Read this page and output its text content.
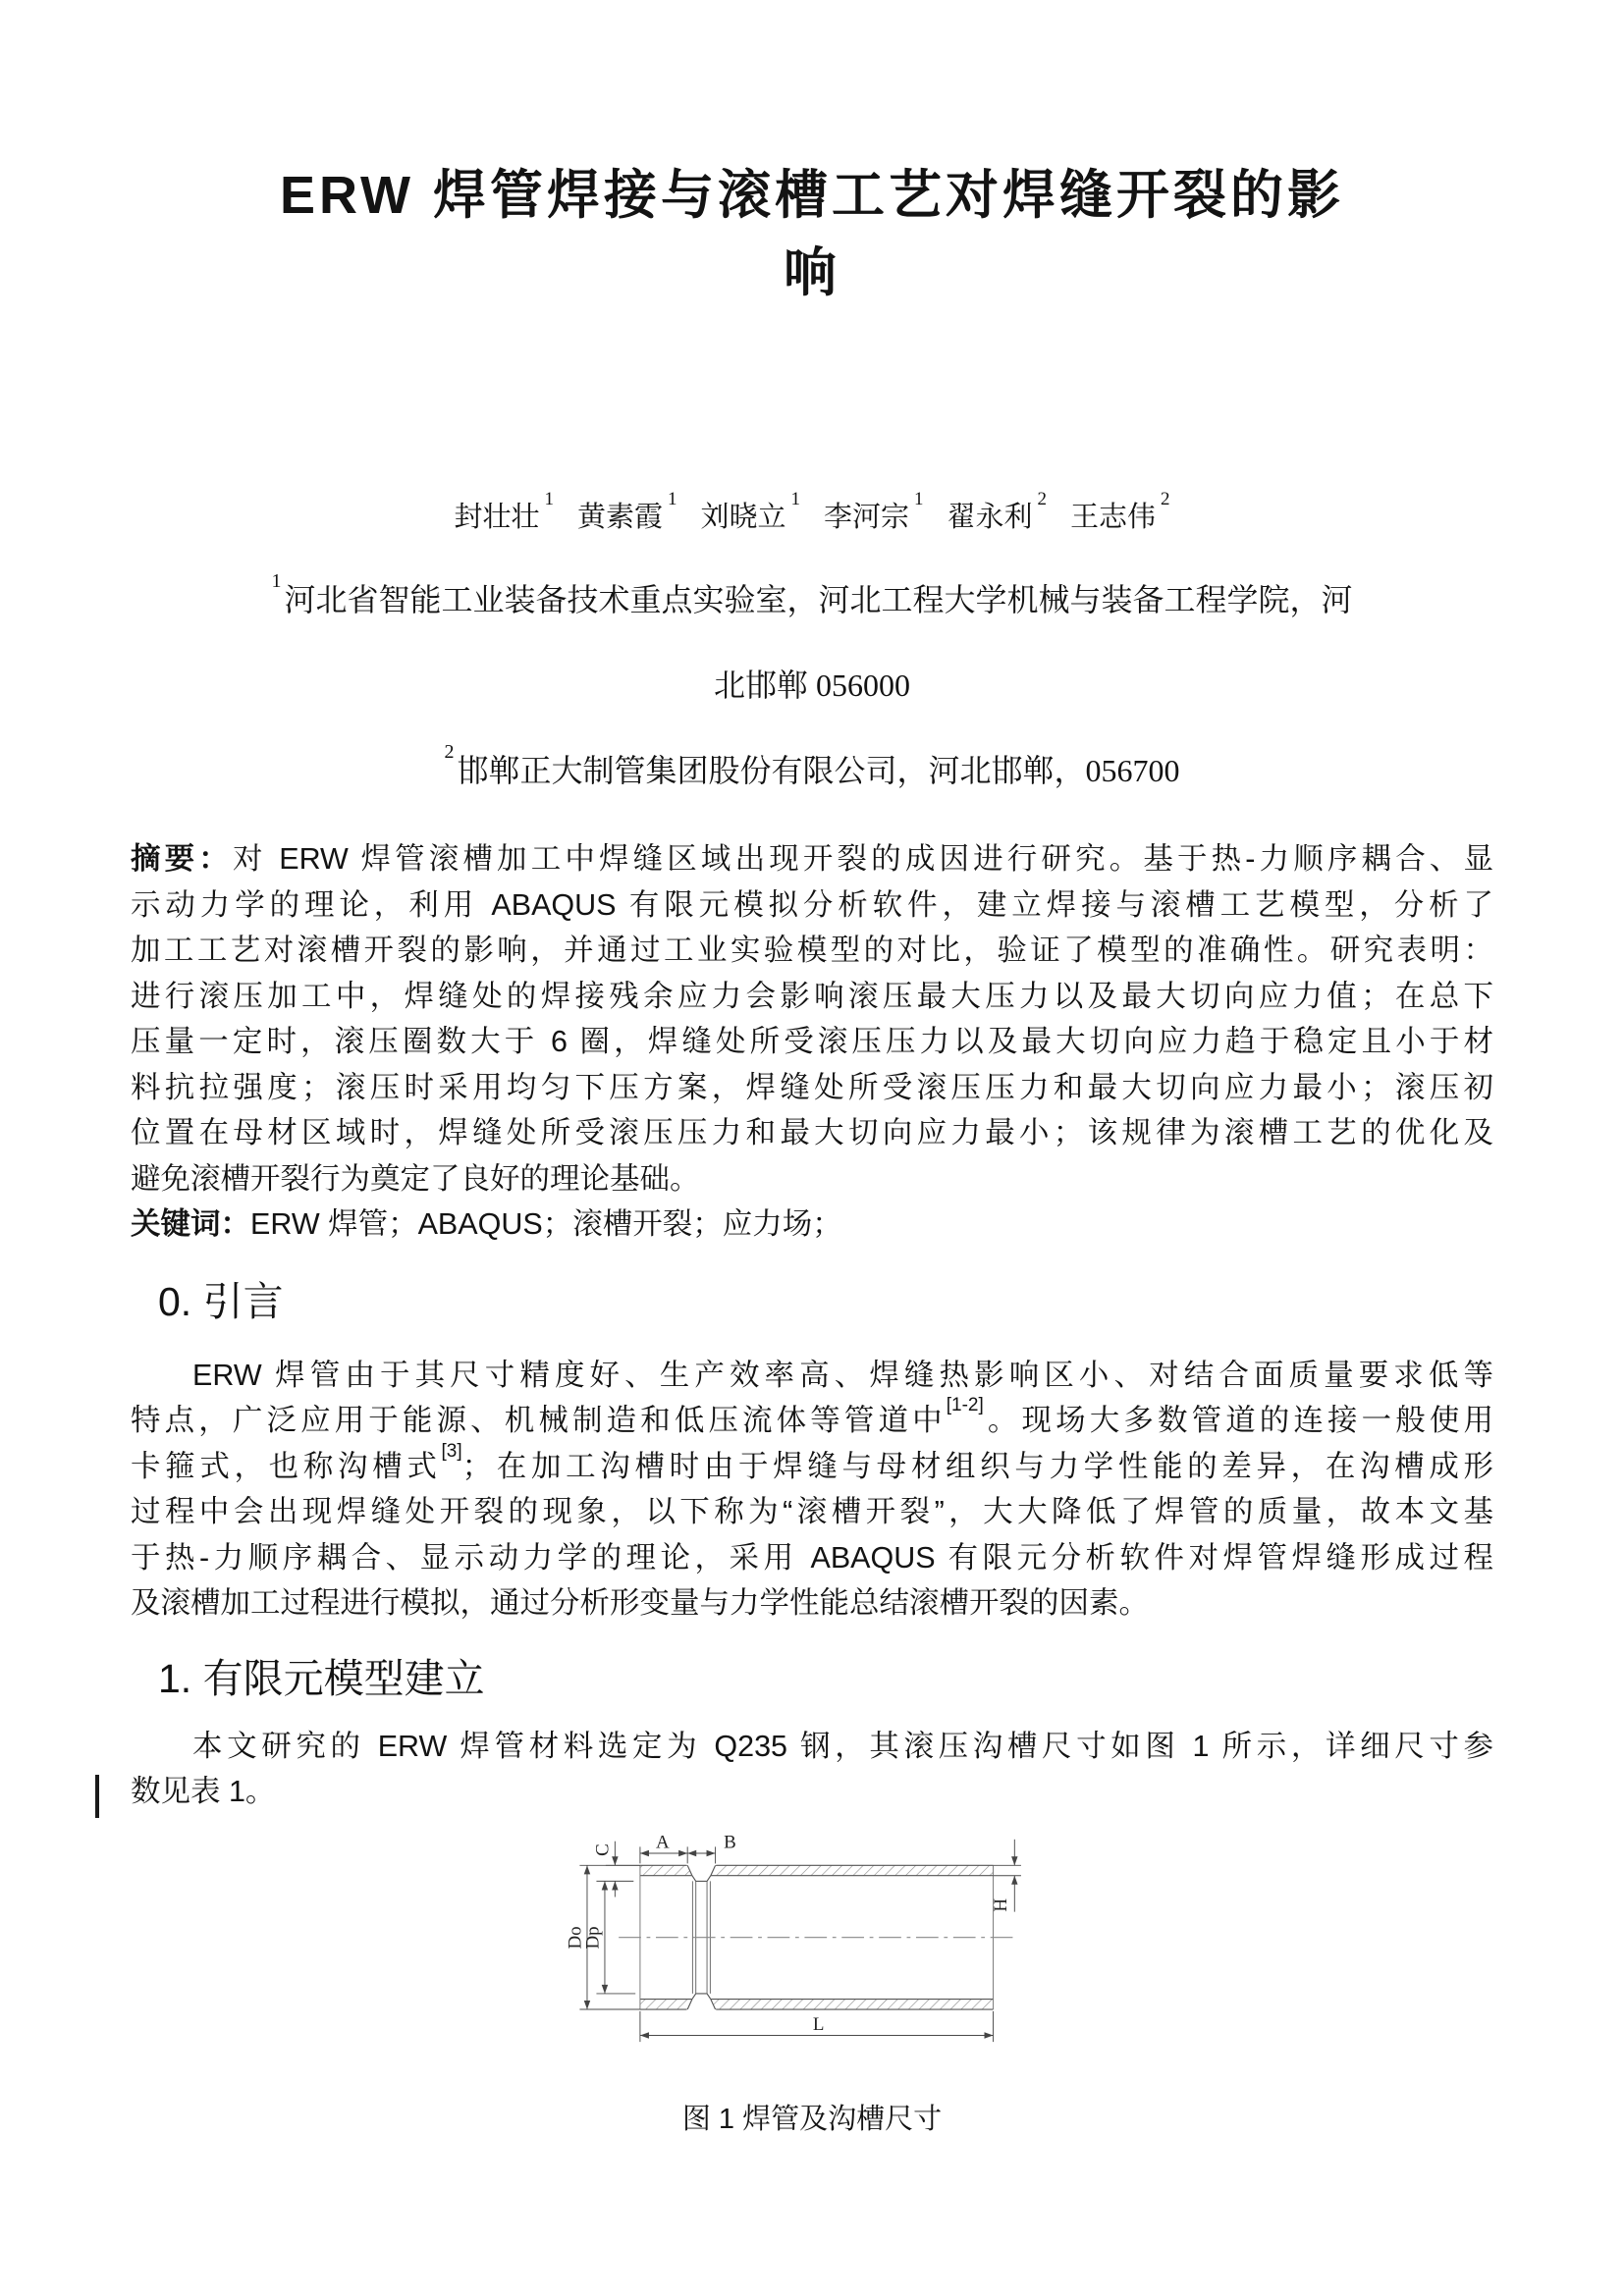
ERW 焊管焊接与滚槽工艺对焊缝开裂的影
响
封壮壮$^1$黄素霞$^1$刘晓立$^1$李河宗$^1$翟永利$^2$王志伟$^2$
$^1$河北省智能工业装备技术重点实验室，河北工程大学机械与装备工程学院，河
北邯郸 056000
$^2$邯郸正大制管集团股份有限公司，河北邯郸，056700
摘要：对 ERW 焊管滚槽加工中焊缝区域出现开裂的成因进行研究。基于热-力顺序耦合、显
示动力学的理论，利用 ABAQUS 有限元模拟分析软件，建立焊接与滚槽工艺模型，分析了
加工工艺对滚槽开裂的影响，并通过工业实验模型的对比，验证了模型的准确性。研究表明：
进行滚压加工中，焊缝处的焊接残余应力会影响滚压最大压力以及最大切向应力值；在总下
压量一定时，滚压圈数大于 6 圈，焊缝处所受滚压压力以及最大切向应力趋于稳定且小于材
料抗拉强度；滚压时采用均匀下压方案，焊缝处所受滚压压力和最大切向应力最小；滚压初
位置在母材区域时，焊缝处所受滚压压力和最大切向应力最小；该规律为滚槽工艺的优化及
避免滚槽开裂行为奠定了良好的理论基础。
关键词：ERW 焊管；ABAQUS；滚槽开裂；应力场；
0. 引言
ERW 焊管由于其尺寸精度好、生产效率高、焊缝热影响区小、对结合面质量要求低等
特点，广泛应用于能源、机械制造和低压流体等管道中[1-2]。现场大多数管道的连接一般使用
卡箍式，也称沟槽式[3]；在加工沟槽时由于焊缝与母材组织与力学性能的差异，在沟槽成形
过程中会出现焊缝处开裂的现象，以下称为“滚槽开裂”，大大降低了焊管的质量，故本文基
于热-力顺序耦合、显示动力学的理论，采用 ABAQUS 有限元分析软件对焊管焊缝形成过程
及滚槽加工过程进行模拟，通过分析形变量与力学性能总结滚槽开裂的因素。
1. 有限元模型建立
本文研究的 ERW 焊管材料选定为 Q235 钢，其滚压沟槽尺寸如图 1 所示，详细尺寸参
数见表 1。
A	B
C
Do
Dp
H
L
图 1 焊管及沟槽尺寸
